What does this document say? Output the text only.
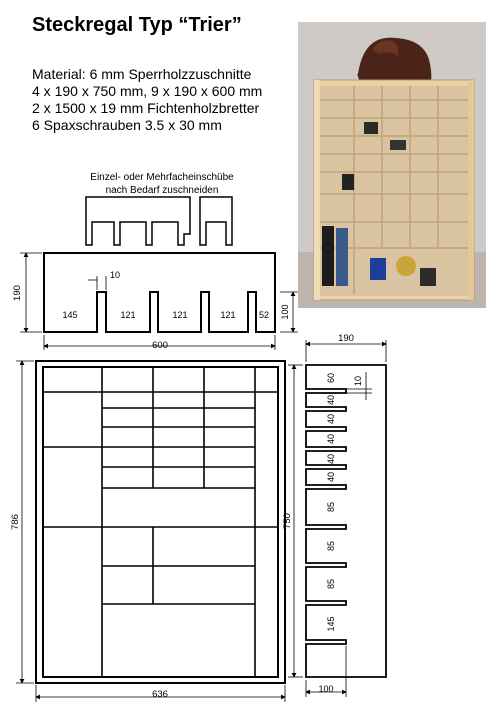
Steckregal Typ “Trier”
Material: 6 mm Sperrholzzuschnitte
4 x 190 x 750 mm, 9 x 190 x 600 mm
2 x 1500 x 19 mm Fichtenholzbretter
6 Spaxschrauben 3.5 x 30 mm
Einzel- oder Mehrfacheinschübe
nach Bedarf zuschneiden
190
10
145	121	121	121	52 100
600
786
636
190
750
100
10
60
40
40
40
40
40
85
85
85
145
